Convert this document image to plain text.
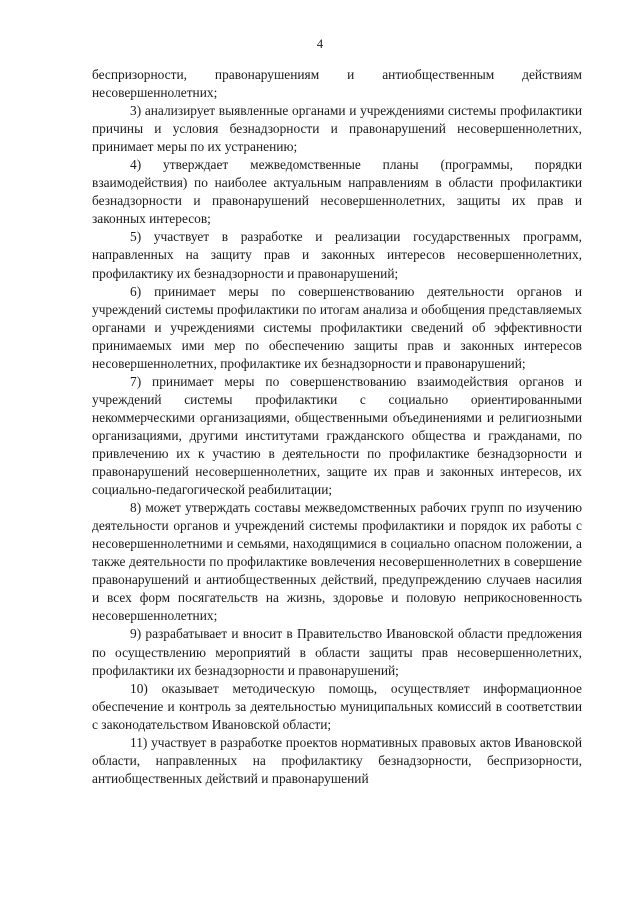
4

беспризорности, правонарушениям и антиобщественным действиям несовершеннолетних;

3) анализирует выявленные органами и учреждениями системы профилактики причины и условия безнадзорности и правонарушений несовершеннолетних, принимает меры по их устранению;

4) утверждает межведомственные планы (программы, порядки взаимодействия) по наиболее актуальным направлениям в области профилактики безнадзорности и правонарушений несовершеннолетних, защиты их прав и законных интересов;

5) участвует в разработке и реализации государственных программ, направленных на защиту прав и законных интересов несовершеннолетних, профилактику их безнадзорности и правонарушений;

6) принимает меры по совершенствованию деятельности органов и учреждений системы профилактики по итогам анализа и обобщения представляемых органами и учреждениями системы профилактики сведений об эффективности принимаемых ими мер по обеспечению защиты прав и законных интересов несовершеннолетних, профилактике их безнадзорности и правонарушений;

7) принимает меры по совершенствованию взаимодействия органов и учреждений системы профилактики с социально ориентированными некоммерческими организациями, общественными объединениями и религиозными организациями, другими институтами гражданского общества и гражданами, по привлечению их к участию в деятельности по профилактике безнадзорности и правонарушений несовершеннолетних, защите их прав и законных интересов, их социально-педагогической реабилитации;

8) может утверждать составы межведомственных рабочих групп по изучению деятельности органов и учреждений системы профилактики и порядок их работы с несовершеннолетними и семьями, находящимися в социально опасном положении, а также деятельности по профилактике вовлечения несовершеннолетних в совершение правонарушений и антиобщественных действий, предупреждению случаев насилия и всех форм посягательств на жизнь, здоровье и половую неприкосновенность несовершеннолетних;

9) разрабатывает и вносит в Правительство Ивановской области предложения по осуществлению мероприятий в области защиты прав несовершеннолетних, профилактики их безнадзорности и правонарушений;

10) оказывает методическую помощь, осуществляет информационное обеспечение и контроль за деятельностью муниципальных комиссий в соответствии с законодательством Ивановской области;

11) участвует в разработке проектов нормативных правовых актов Ивановской области, направленных на профилактику безнадзорности, беспризорности, антиобщественных действий и правонарушений
